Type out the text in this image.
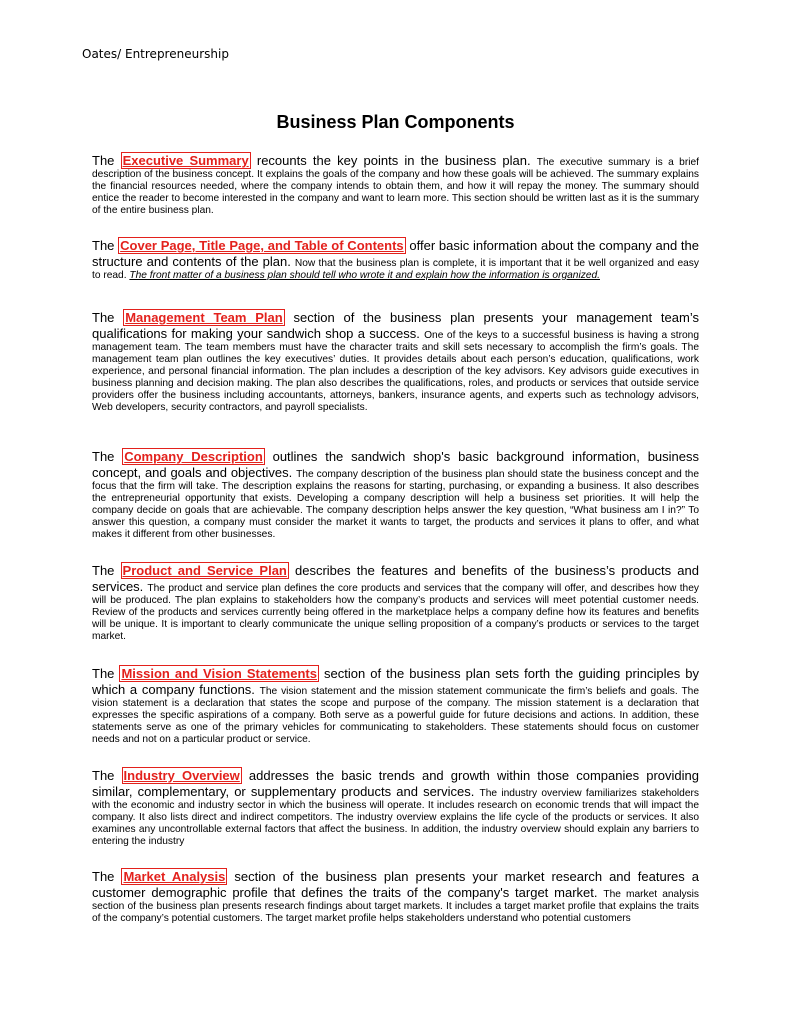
Oates/ Entrepreneurship
Business Plan Components
The Executive Summary recounts the key points in the business plan. The executive summary is a brief description of the business concept. It explains the goals of the company and how these goals will be achieved. The summary explains the financial resources needed, where the company intends to obtain them, and how it will repay the money. The summary should entice the reader to become interested in the company and want to learn more. This section should be written last as it is the summary of the entire business plan.
The Cover Page, Title Page, and Table of Contents offer basic information about the company and the structure and contents of the plan. Now that the business plan is complete, it is important that it be well organized and easy to read. The front matter of a business plan should tell who wrote it and explain how the information is organized.
The Management Team Plan section of the business plan presents your management team’s qualifications for making your sandwich shop a success. One of the keys to a successful business is having a strong management team. The team members must have the character traits and skill sets necessary to accomplish the firm’s goals. The management team plan outlines the key executives’ duties. It provides details about each person’s education, qualifications, work experience, and personal financial information. The plan includes a description of the key advisors. Key advisors guide executives in business planning and decision making. The plan also describes the qualifications, roles, and products or services that outside service providers offer the business including accountants, attorneys, bankers, insurance agents, and experts such as technology advisors, Web developers, security contractors, and payroll specialists.
The Company Description outlines the sandwich shop's basic background information, business concept, and goals and objectives. The company description of the business plan should state the business concept and the focus that the firm will take. The description explains the reasons for starting, purchasing, or expanding a business. It also describes the entrepreneurial opportunity that exists. Developing a company description will help a business set priorities. It will help the company decide on goals that are achievable. The company description helps answer the key question, “What business am I in?” To answer this question, a company must consider the market it wants to target, the products and services it plans to offer, and what makes it different from other businesses.
The Product and Service Plan describes the features and benefits of the business’s products and services. The product and service plan defines the core products and services that the company will offer, and describes how they will be produced. The plan explains to stakeholders how the company’s products and services will meet potential customer needs. Review of the products and services currently being offered in the marketplace helps a company define how its features and benefits will be unique. It is important to clearly communicate the unique selling proposition of a company’s products or services to the target market.
The Mission and Vision Statements section of the business plan sets forth the guiding principles by which a company functions. The vision statement and the mission statement communicate the firm’s beliefs and goals. The vision statement is a declaration that states the scope and purpose of the company. The mission statement is a declaration that expresses the specific aspirations of a company. Both serve as a powerful guide for future decisions and actions. In addition, these statements serve as one of the primary vehicles for communicating to stakeholders. These statements should focus on customer needs and not on a particular product or service.
The Industry Overview addresses the basic trends and growth within those companies providing similar, complementary, or supplementary products and services. The industry overview familiarizes stakeholders with the economic and industry sector in which the business will operate. It includes research on economic trends that will impact the company. It also lists direct and indirect competitors. The industry overview explains the life cycle of the products or services. It also examines any uncontrollable external factors that affect the business. In addition, the industry overview should explain any barriers to entering the industry
The Market Analysis section of the business plan presents your market research and features a customer demographic profile that defines the traits of the company's target market. The market analysis section of the business plan presents research findings about target markets. It includes a target market profile that explains the traits of the company’s potential customers. The target market profile helps stakeholders understand who potential customers
